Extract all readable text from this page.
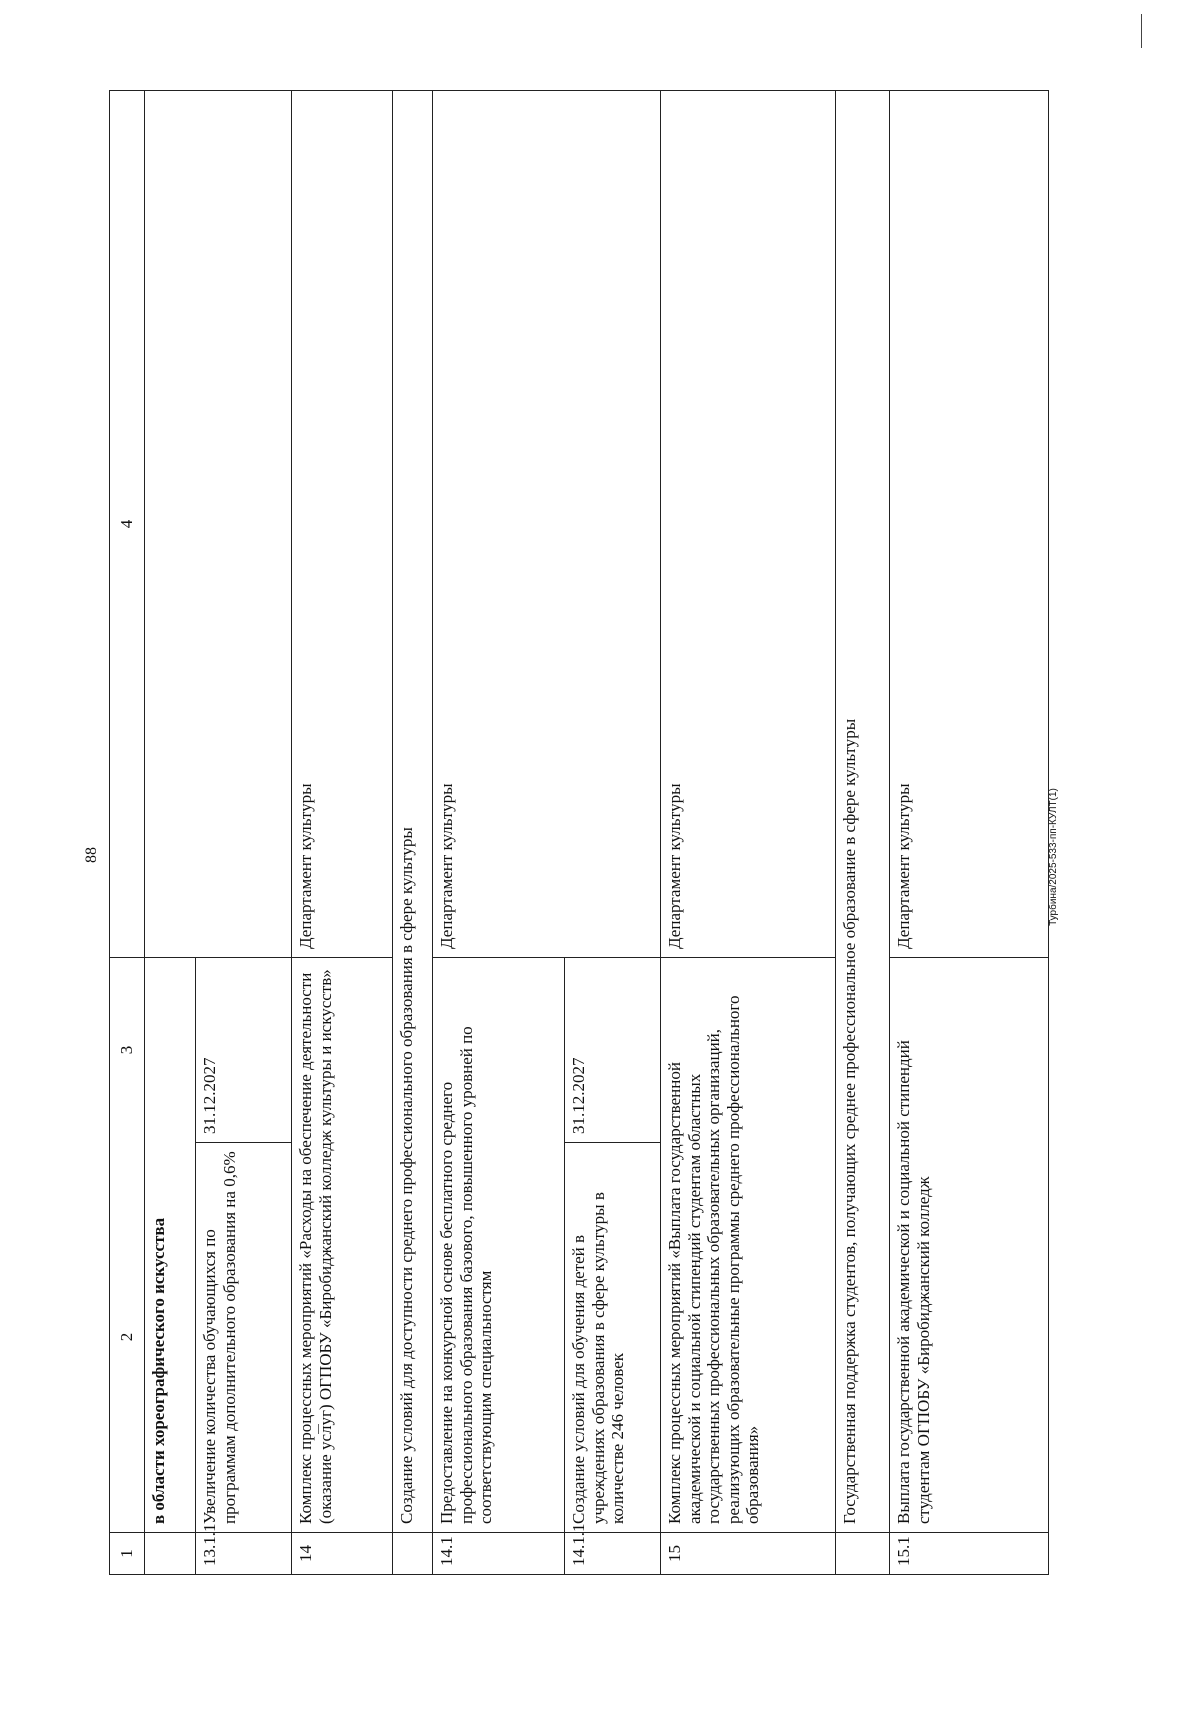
88	Турбина/2025-533-пп-КУЛТ(1)
1	2
3		4
	в области хореографического искусства		
13.1.1	Увеличение количества обучающихся по программам дополнительного образования на 0,6%	31.12.2027	
14	Комплекс процессных мероприятий «Расходы на обеспечение деятельности (оказание услуг) ОГПОБУ «Биробиджанский колледж культуры и искусств»		Департамент культуры
	Создание условий для доступности среднего профессионального образования в сфере культуры		
14.1	Предоставление на конкурсной основе бесплатного среднего профессионального образования базового, повышенного уровней по соответствующим специальностям		Департамент культуры
14.1.1	Создание условий для обучения детей в учреждениях образования в сфере культуры в количестве 246 человек	31.12.2027	
15	Комплекс процессных мероприятий «Выплата государственной академической и социальной стипендий студентам областных государственных профессиональных образовательных организаций, реализующих образовательные программы среднего профессионального образования»		Департамент культуры
	Государственная поддержка студентов, получающих среднее профессиональное образование в сфере культуры		
15.1	Выплата государственной академической и социальной стипендий студентам ОГПОБУ «Биробиджанский колледж		Департамент культуры
